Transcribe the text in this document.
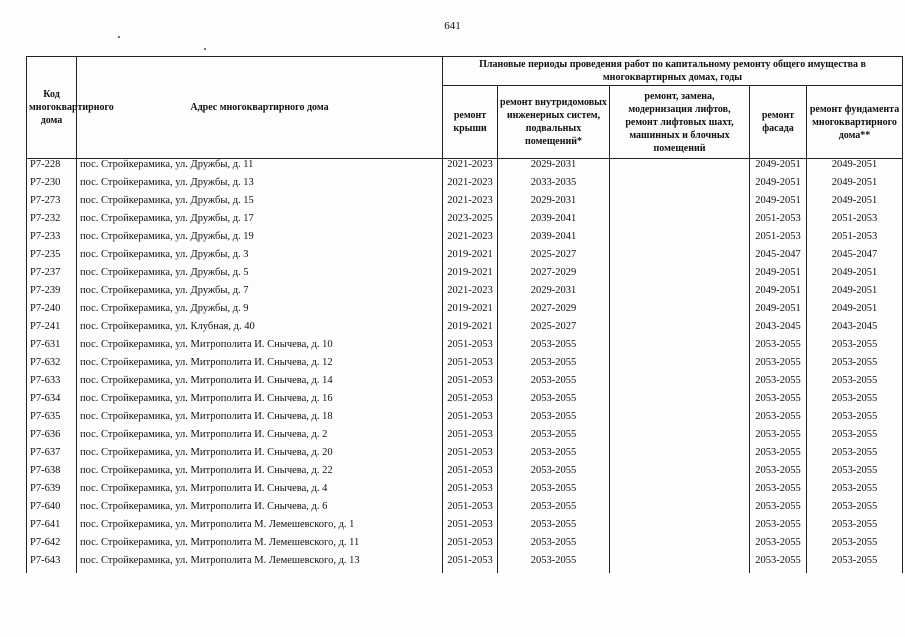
641
Код многоквартирного дома	Адрес многоквартирного дома	Плановые периоды проведения работ по капитальному ремонту общего имущества в многоквартирных домах, годы				
		ремонт крыши	ремонт внутридомовых инженерных систем, подвальных помещений*	ремонт, замена, модернизация лифтов, ремонт лифтовых шахт, машинных и блочных помещений	ремонт фасада	ремонт фундамента многоквартирного дома**
Р7-228	пос. Стройкерамика, ул. Дружбы, д. 11	2021-2023	2029-2031		2049-2051	2049-2051
Р7-230	пос. Стройкерамика, ул. Дружбы, д. 13	2021-2023	2033-2035		2049-2051	2049-2051
Р7-273	пос. Стройкерамика, ул. Дружбы, д. 15	2021-2023	2029-2031		2049-2051	2049-2051
Р7-232	пос. Стройкерамика, ул. Дружбы, д. 17	2023-2025	2039-2041		2051-2053	2051-2053
Р7-233	пос. Стройкерамика, ул. Дружбы, д. 19	2021-2023	2039-2041		2051-2053	2051-2053
Р7-235	пос. Стройкерамика, ул. Дружбы, д. 3	2019-2021	2025-2027		2045-2047	2045-2047
Р7-237	пос. Стройкерамика, ул. Дружбы, д. 5	2019-2021	2027-2029		2049-2051	2049-2051
Р7-239	пос. Стройкерамика, ул. Дружбы, д. 7	2021-2023	2029-2031		2049-2051	2049-2051
Р7-240	пос. Стройкерамика, ул. Дружбы, д. 9	2019-2021	2027-2029		2049-2051	2049-2051
Р7-241	пос. Стройкерамика, ул. Клубная, д. 40	2019-2021	2025-2027		2043-2045	2043-2045
Р7-631	пос. Стройкерамика, ул. Митрополита И. Снычева, д. 10	2051-2053	2053-2055		2053-2055	2053-2055
Р7-632	пос. Стройкерамика, ул. Митрополита И. Снычева, д. 12	2051-2053	2053-2055		2053-2055	2053-2055
Р7-633	пос. Стройкерамика, ул. Митрополита И. Снычева, д. 14	2051-2053	2053-2055		2053-2055	2053-2055
Р7-634	пос. Стройкерамика, ул. Митрополита И. Снычева, д. 16	2051-2053	2053-2055		2053-2055	2053-2055
Р7-635	пос. Стройкерамика, ул. Митрополита И. Снычева, д. 18	2051-2053	2053-2055		2053-2055	2053-2055
Р7-636	пос. Стройкерамика, ул. Митрополита И. Снычева, д. 2	2051-2053	2053-2055		2053-2055	2053-2055
Р7-637	пос. Стройкерамика, ул. Митрополита И. Снычева, д. 20	2051-2053	2053-2055		2053-2055	2053-2055
Р7-638	пос. Стройкерамика, ул. Митрополита И. Снычева, д. 22	2051-2053	2053-2055		2053-2055	2053-2055
Р7-639	пос. Стройкерамика, ул. Митрополита И. Снычева, д. 4	2051-2053	2053-2055		2053-2055	2053-2055
Р7-640	пос. Стройкерамика, ул. Митрополита И. Снычева, д. 6	2051-2053	2053-2055		2053-2055	2053-2055
Р7-641	пос. Стройкерамика, ул. Митрополита М. Лемешевского, д. 1	2051-2053	2053-2055		2053-2055	2053-2055
Р7-642	пос. Стройкерамика, ул. Митрополита М. Лемешевского, д. 11	2051-2053	2053-2055		2053-2055	2053-2055
Р7-643	пос. Стройкерамика, ул. Митрополита М. Лемешевского, д. 13	2051-2053	2053-2055		2053-2055	2053-2055
